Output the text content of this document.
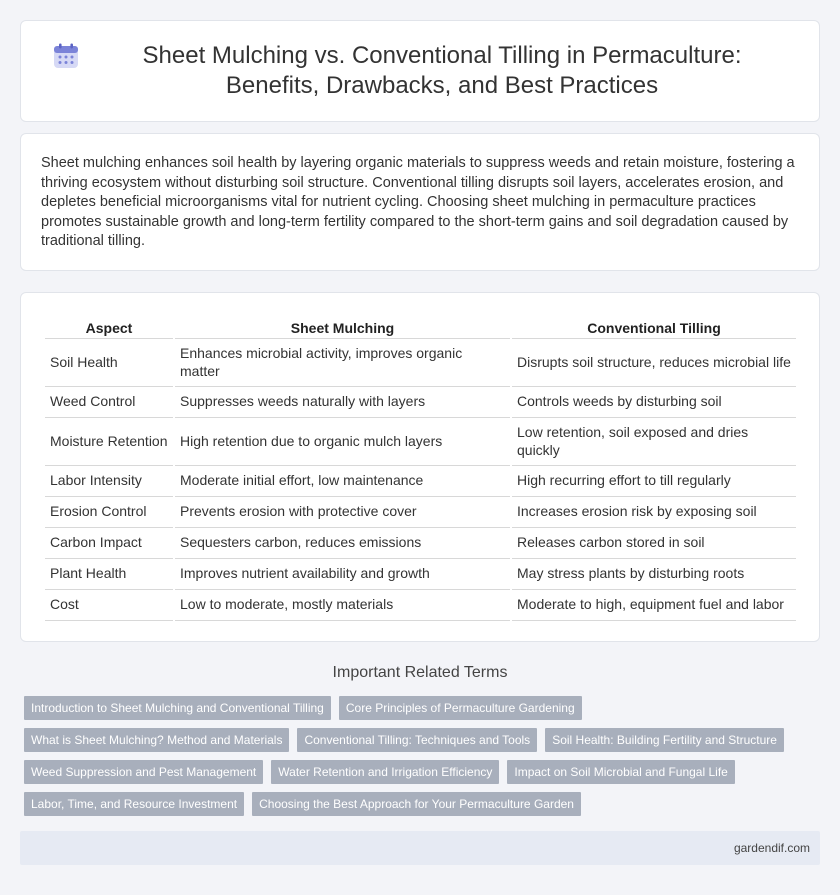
Sheet Mulching vs. Conventional Tilling in Permaculture: Benefits, Drawbacks, and Best Practices

Sheet mulching enhances soil health by layering organic materials to suppress weeds and retain moisture, fostering a thriving ecosystem without disturbing soil structure. Conventional tilling disrupts soil layers, accelerates erosion, and depletes beneficial microorganisms vital for nutrient cycling. Choosing sheet mulching in permaculture practices promotes sustainable growth and long-term fertility compared to the short-term gains and soil degradation caused by traditional tilling.

Aspect	Sheet Mulching	Conventional Tilling
Soil Health	Enhances microbial activity, improves organic matter	Disrupts soil structure, reduces microbial life
Weed Control	Suppresses weeds naturally with layers	Controls weeds by disturbing soil
Moisture Retention	High retention due to organic mulch layers	Low retention, soil exposed and dries quickly
Labor Intensity	Moderate initial effort, low maintenance	High recurring effort to till regularly
Erosion Control	Prevents erosion with protective cover	Increases erosion risk by exposing soil
Carbon Impact	Sequesters carbon, reduces emissions	Releases carbon stored in soil
Plant Health	Improves nutrient availability and growth	May stress plants by disturbing roots
Cost	Low to moderate, mostly materials	Moderate to high, equipment fuel and labor
Important Related Terms
Introduction to Sheet Mulching and Conventional Tilling	Core Principles of Permaculture Gardening
What is Sheet Mulching? Method and Materials	Conventional Tilling: Techniques and Tools	Soil Health: Building Fertility and Structure
Weed Suppression and Pest Management	Water Retention and Irrigation Efficiency	Impact on Soil Microbial and Fungal Life
Labor, Time, and Resource Investment	Choosing the Best Approach for Your Permaculture Garden
gardendif.com
